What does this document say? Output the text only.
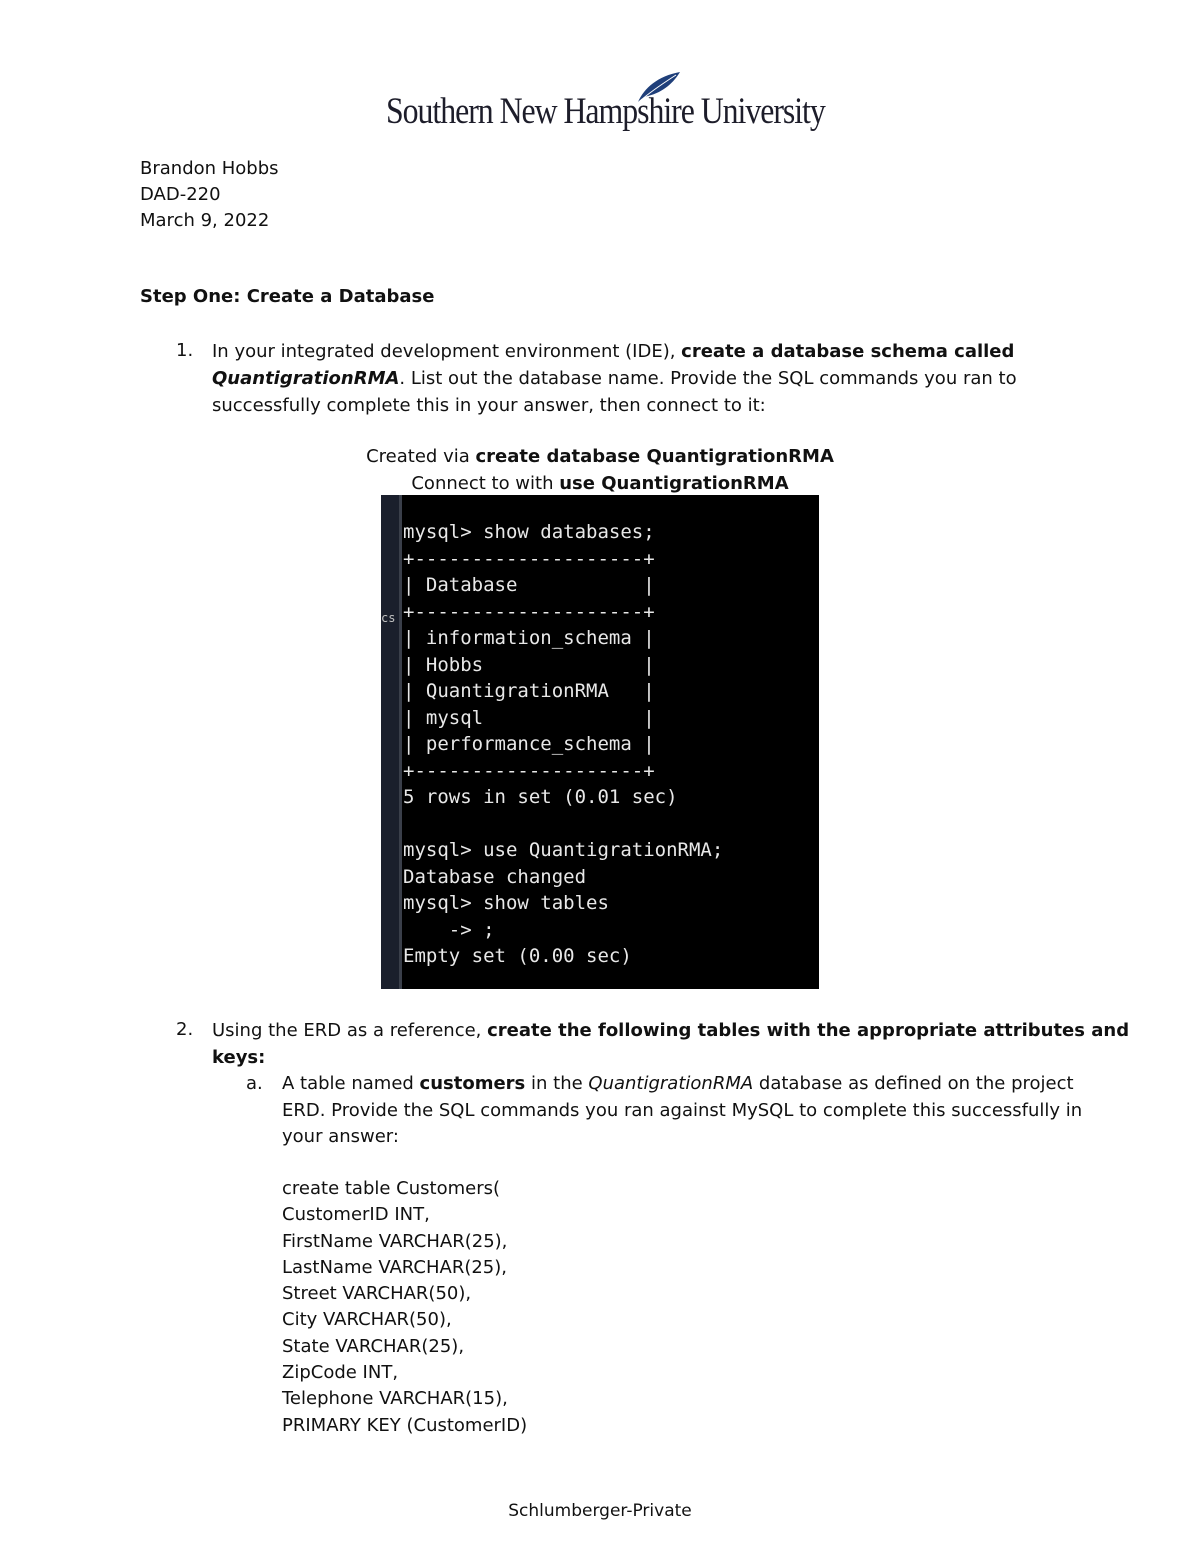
Southern New Hampshire University
Brandon Hobbs
DAD-220
March 9, 2022
Step One: Create a Database
1. In your integrated development environment (IDE), create a database schema called
QuantigrationRMA. List out the database name. Provide the SQL commands you ran to
successfully complete this in your answer, then connect to it:
Created via create database QuantigrationRMA
Connect to with use QuantigrationRMA
cs
mysql> show databases;
+--------------------+
| Database           |
+--------------------+
| information_schema |
| Hobbs              |
| QuantigrationRMA   |
| mysql              |
| performance_schema |
+--------------------+
5 rows in set (0.01 sec)

mysql> use QuantigrationRMA;
Database changed
mysql> show tables
-> ;
Empty set (0.00 sec)
2. Using the ERD as a reference, create the following tables with the appropriate attributes and
keys:
a. A table named customers in the QuantigrationRMA database as defined on the project
ERD. Provide the SQL commands you ran against MySQL to complete this successfully in
your answer:
create table Customers(
CustomerID INT,
FirstName VARCHAR(25),
LastName VARCHAR(25),
Street VARCHAR(50),
City VARCHAR(50),
State VARCHAR(25),
ZipCode INT,
Telephone VARCHAR(15),
PRIMARY KEY (CustomerID)
Schlumberger-Private
